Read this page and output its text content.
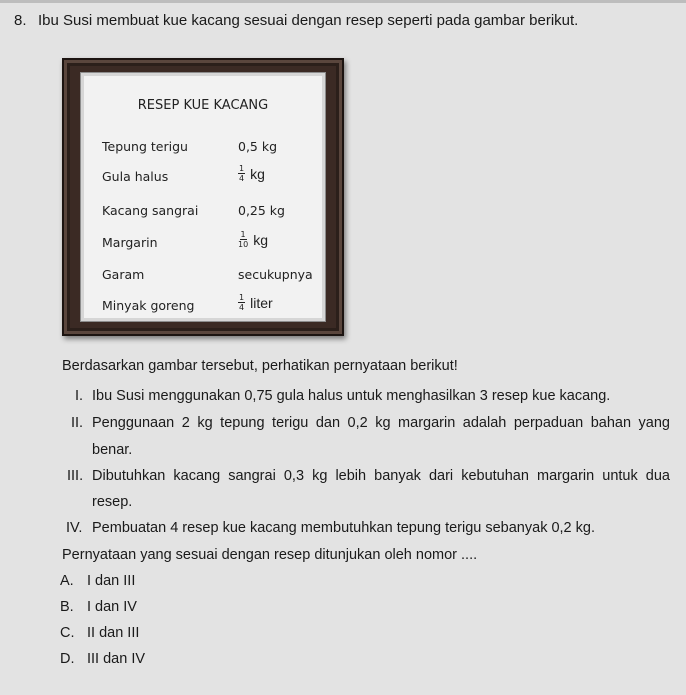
8. Ibu Susi membuat kue kacang sesuai dengan resep seperti pada gambar berikut.
RESEP KUE KACANG
Tepung terigu	0,5 kg
Gula halus	$\frac{1}{4}$ kg
Kacang sangrai	0,25 kg
Margarin	$\frac{1}{10}$ kg
Garam	secukupnya
Minyak goreng	$\frac{1}{4}$ liter
Berdasarkan gambar tersebut, perhatikan pernyataan berikut!
I. Ibu Susi menggunakan 0,75 gula halus untuk menghasilkan 3 resep kue kacang.
II. Penggunaan 2 kg tepung terigu dan 0,2 kg margarin adalah perpaduan bahan yang
benar.
III. Dibutuhkan kacang sangrai 0,3 kg lebih banyak dari kebutuhan margarin untuk dua
resep.
IV. Pembuatan 4 resep kue kacang membutuhkan tepung terigu sebanyak 0,2 kg.
Pernyataan yang sesuai dengan resep ditunjukan oleh nomor ....
A. I dan III
B. I dan IV
C. II dan III
D. III dan IV
